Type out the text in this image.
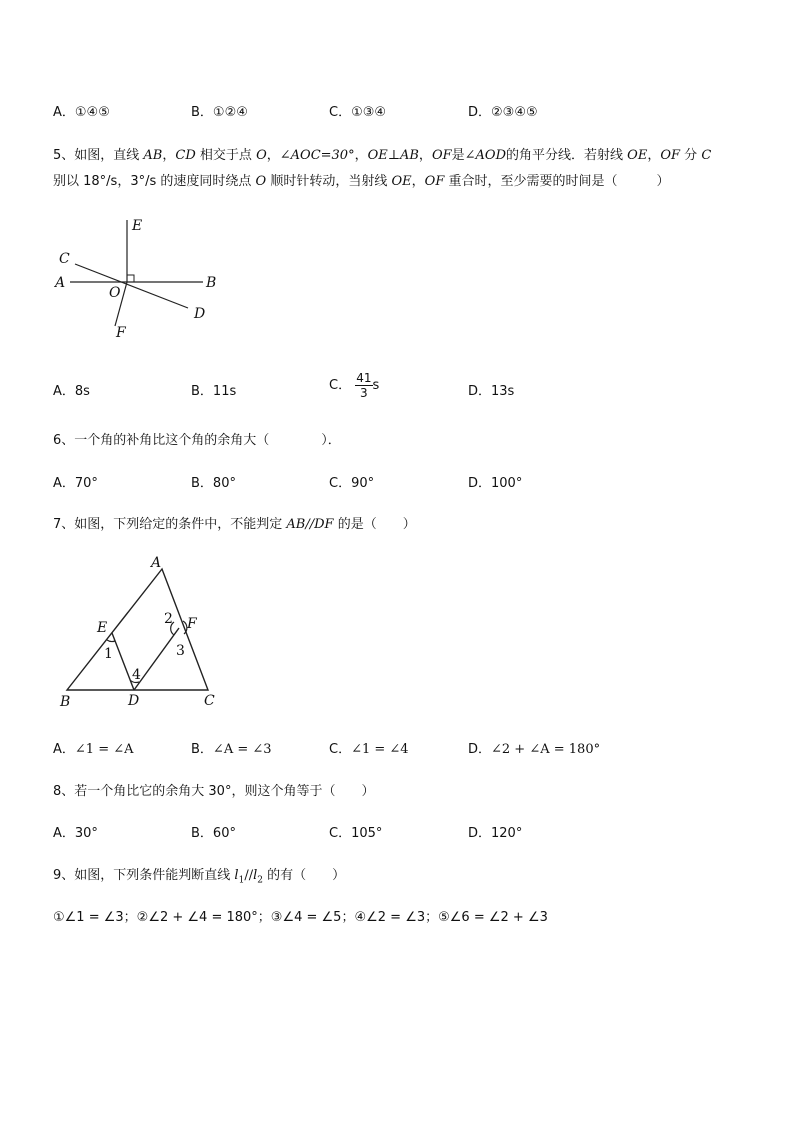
A．①④⑤	B．①②④	C．①③④	D．②③④⑤
5、如图，直线 AB，CD 相交于点 O，∠AOC=30°，OE⊥AB，OF是∠AOD的角平分线．若射线 OE，OF 分 C
别以 18°/s，3°/s 的速度同时绕点 O 顺时针转动，当射线 OE，OF 重合时，至少需要的时间是（　　　）
E
C
A
O
B
D
F
A．8s	B．11s	C． $\frac{41}{3}$ s	D．13s
6、一个角的补角比这个角的余角大（　　　　）．
A．70°	B．80°	C．90°	D．100°
7、如图，下列给定的条件中，不能判定 AB//DF 的是（　　）
A
E	F
B	D	C
1
2
3
4
A．∠1 = ∠A	B．∠A = ∠3	C．∠1 = ∠4	D．∠2 + ∠A = 180°
8、若一个角比它的余角大 30°，则这个角等于（　　）
A．30°	B．60°	C．105°	D．120°
9、如图，下列条件能判断直线 $l_1//l_2$ 的有（　　）
①∠1 = ∠3；②∠2 + ∠4 = 180°；③∠4 = ∠5；④∠2 = ∠3；⑤∠6 = ∠2 + ∠3
